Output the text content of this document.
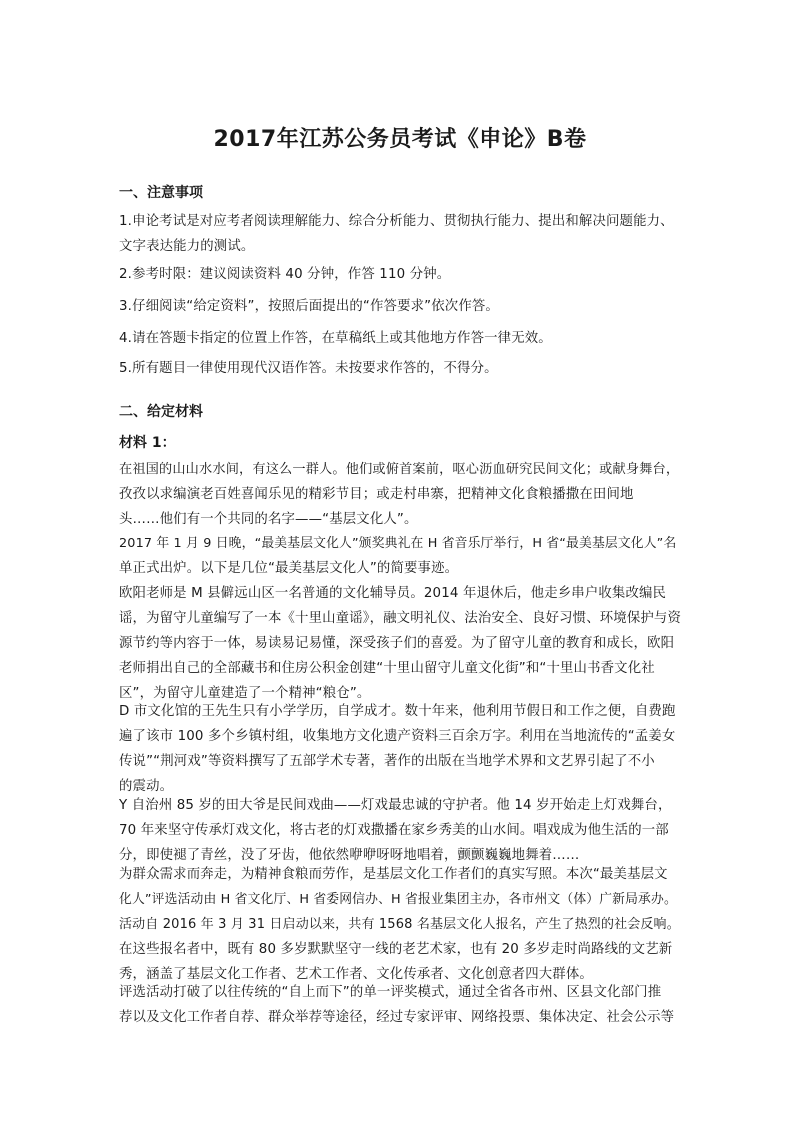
2017年江苏公务员考试《申论》B卷
一、注意事项
1.申论考试是对应考者阅读理解能力、综合分析能力、贯彻执行能力、提出和解决问题能力、
文字表达能力的测试。
2.参考时限：建议阅读资料 40 分钟，作答 110 分钟。
3.仔细阅读“给定资料”，按照后面提出的“作答要求”依次作答。
4.请在答题卡指定的位置上作答，在草稿纸上或其他地方作答一律无效。
5.所有题目一律使用现代汉语作答。未按要求作答的，不得分。
二、给定材料
材料 1：
在祖国的山山水水间，有这么一群人。他们或俯首案前，呕心沥血研究民间文化；或献身舞台，
孜孜以求编演老百姓喜闻乐见的精彩节目；或走村串寨，把精神文化食粮播撒在田间地
头……他们有一个共同的名字——“基层文化人”。
2017 年 1 月 9 日晚，“最美基层文化人”颁奖典礼在 H 省音乐厅举行，H 省“最美基层文化人”名
单正式出炉。以下是几位“最美基层文化人”的简要事迹。
欧阳老师是 M 县僻远山区一名普通的文化辅导员。2014 年退休后，他走乡串户收集改编民
谣，为留守儿童编写了一本《十里山童谣》，融文明礼仪、法治安全、良好习惯、环境保护与资
源节约等内容于一体，易读易记易懂，深受孩子们的喜爱。为了留守儿童的教育和成长，欧阳
老师捐出自己的全部藏书和住房公积金创建“十里山留守儿童文化街”和“十里山书香文化社
区”，为留守儿童建造了一个精神“粮仓”。
D 市文化馆的王先生只有小学学历，自学成才。数十年来，他利用节假日和工作之便，自费跑
遍了该市 100 多个乡镇村组，收集地方文化遗产资料三百余万字。利用在当地流传的“孟姜女
传说”“荆河戏”等资料撰写了五部学术专著，著作的出版在当地学术界和文艺界引起了不小
的震动。
Y 自治州 85 岁的田大爷是民间戏曲——灯戏最忠诚的守护者。他 14 岁开始走上灯戏舞台，
70 年来坚守传承灯戏文化，将古老的灯戏撒播在家乡秀美的山水间。唱戏成为他生活的一部
分，即使褪了青丝，没了牙齿，他依然咿咿呀呀地唱着，颤颤巍巍地舞着……
为群众需求而奔走，为精神食粮而劳作，是基层文化工作者们的真实写照。本次“最美基层文
化人”评选活动由 H 省文化厅、H 省委网信办、H 省报业集团主办，各市州文（体）广新局承办。
活动自 2016 年 3 月 31 日启动以来，共有 1568 名基层文化人报名，产生了热烈的社会反响。
在这些报名者中，既有 80 多岁默默坚守一线的老艺术家，也有 20 多岁走时尚路线的文艺新
秀，涵盖了基层文化工作者、艺术工作者、文化传承者、文化创意者四大群体。
评选活动打破了以往传统的“自上而下”的单一评奖模式，通过全省各市州、区县文化部门推
荐以及文化工作者自荐、群众举荐等途径，经过专家评审、网络投票、集体决定、社会公示等
